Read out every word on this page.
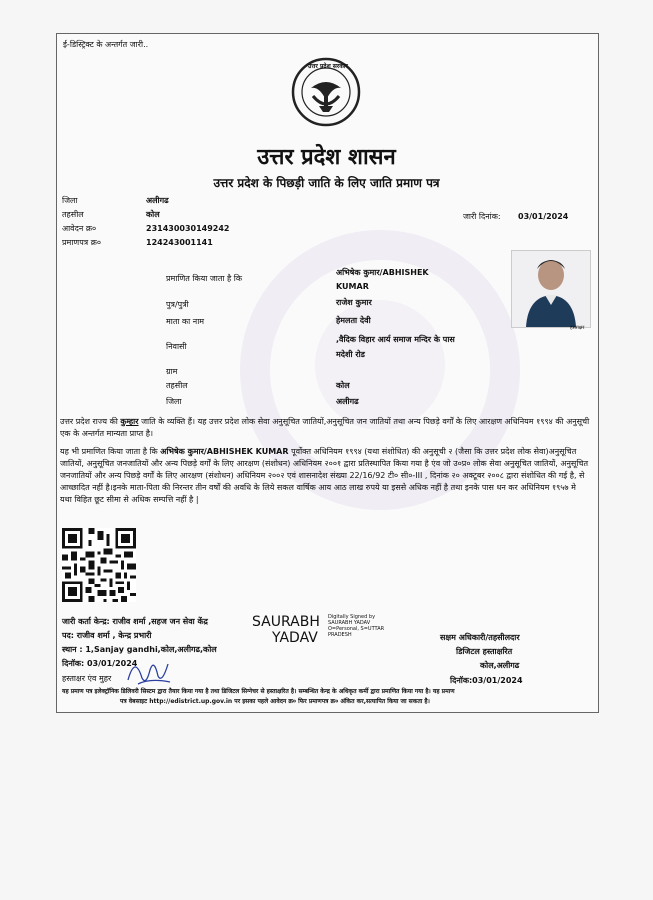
ई-डिस्ट्रिक्ट के अन्तर्गत जारी..
उत्तर प्रदेश सरकार
उत्तर प्रदेश शासन
उत्तर प्रदेश के पिछड़ी जाति के लिए जाति प्रमाण पत्र
जिला	अलीगढ
तहसील	कोल
आवेदन क्र०	231430030149242
प्रमाणपत्र क्र०	124243001141
जारी दिनांक: 03/01/2024
प्रमाणित किया जाता है कि
अभिषेक कुमार/ABHISHEK
KUMAR
पुत्र/पुत्री	राजेश कुमार
माता का नाम	हेमलता देवी
निवासी
,वैदिक विहार आर्य समाज मन्दिर के पास
मदेशी रोड
ग्राम
तहसील	कोल
जिला	अलीगढ
हस्ताक्षर
उत्तर प्रदेश राज्य की कुम्हार जाति के व्यक्ति हैं। यह उत्तर प्रदेश लोक सेवा अनुसूचित जातियों,अनुसूचित जन जातियों तथा अन्य पिछड़े वर्गों के लिए आरक्षण अधिनियम १९९४ की अनुसूची एक के अन्तर्गत मान्यता प्राप्त है।
यह भी प्रमाणित किया जाता है कि अभिषेक कुमार/ABHISHEK KUMAR पूर्वोक्त अधिनियम १९९४ (यथा संशोधित) की अनुसूची २ (जैसा कि उत्तर प्रदेश लोक सेवा)अनुसूचित जातियों, अनुसूचित जनजातियों और अन्य पिछड़े वर्गों के लिए आरक्षण (संशोधन) अधिनियम २००१ द्वारा प्रतिस्थापित किया गया है एंव जो उ०प्र० लोक सेवा अनुसूचित जातियों, अनुसूचित जनजातियों और अन्य पिछड़े वर्गों के लिए आरक्षण (संशोधन) अधिनियम २००२ एवं शासनादेश संख्या 22/16/92 टी० सी०-III , दिनांक २० अक्टूबर २००८ द्वारा संशोधित की गई है, से आच्छादित नहीं है।इनके माता-पिता की निरन्तर तीन वर्षों की अवधि के लिये सकल वार्षिक आय आठ लाख रुपये या इससे अधिक नहीं है तथा इनके पास धन कर अधिनियम १९५७ मे यथा विहित छूट सीमा से अधिक सम्पत्ति नहीं है |
जारी कर्ता केन्द्र: राजीव शर्मा ,सहज जन सेवा केंद्र
पद: राजीव शर्मा , केन्द्र प्रभारी
स्थान : 1,Sanjay gandhi,कोल,अलीगढ,कोल
दिनॉक: 03/01/2024
हस्ताक्षर एंव मुहर
SAURABH
YADAV
Digitally Signed by
SAURABH YADAV
O=Personal, S=UTTAR
PRADESH	सक्षम अधिकारी/तहसीलदार
डिजिटल हस्ताक्षरित
कोल,अलीगढ
दिनॉक:03/01/2024
यह प्रमाण पत्र इलेक्ट्रॉनिक डिलिवरी सिस्टम द्वारा तैयार किया गया है तथा डिजिटल सिग्नेचर से हस्ताक्षरित है। सम्बन्धित केन्द्र के अधिकृत कर्मी द्वारा प्रमाणित किया गया है। यह प्रमाण
पत्र वेबसाइट http://edistrict.up.gov.in पर इसका पहले आवेदन क्र० फिर प्रमाणपत्र क्र० अंकित कर,सत्यापित किया जा सकता है।
